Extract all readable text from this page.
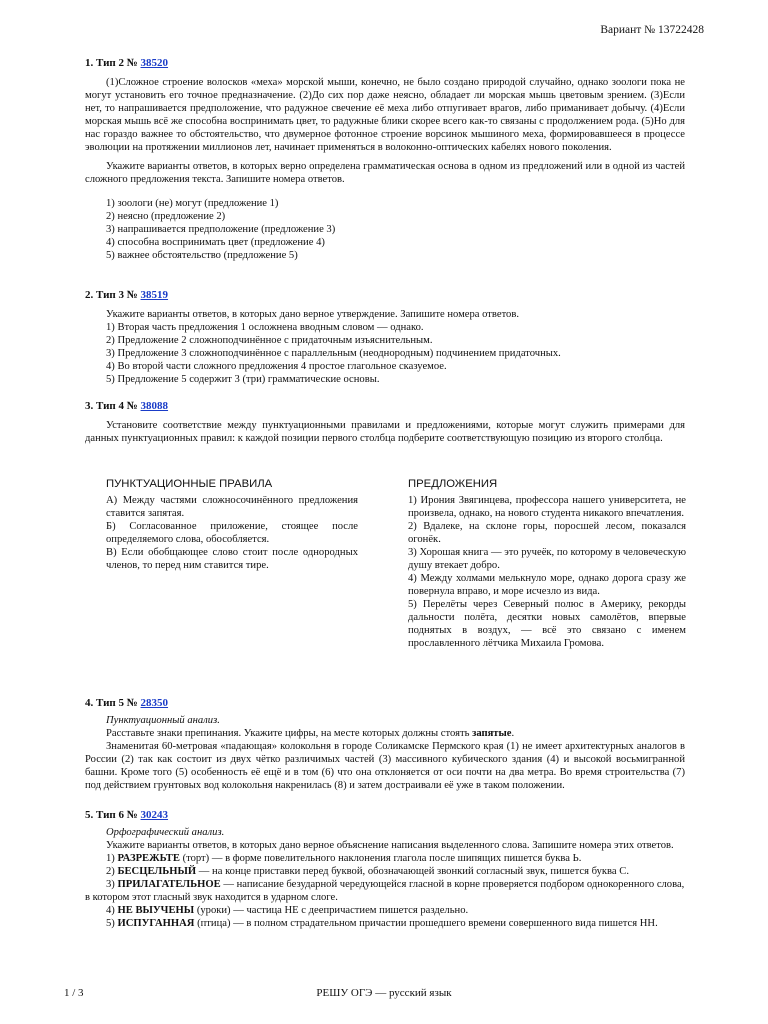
Вариант № 13722428
1. Тип 2 № 38520

(1)Сложное строение волосков «меха» морской мыши, конечно, не было создано природой случайно, однако зоологи пока не могут установить его точное предназначение. (2)До сих пор даже неясно, обладает ли морская мышь цветовым зрением. (3)Если нет, то напрашивается предположение, что радужное свечение её меха либо отпугивает врагов, либо приманивает добычу. (4)Если морская мышь всё же способна воспринимать цвет, то радужные блики скорее всего как-то связаны с продолжением рода. (5)Но для нас гораздо важнее то обстоятельство, что двумерное фотонное строение ворсинок мышиного меха, формировавшееся в процессе эволюции на протяжении миллионов лет, начинает применяться в волоконно-оптических кабелях нового поколения.

Укажите варианты ответов, в которых верно определена грамматическая основа в одном из предложений или в одной из частей сложного предложения текста. Запишите номера ответов.

1) зоологи (не) могут (предложение 1)
2) неясно (предложение 2)
3) напрашивается предположение (предложение 3)
4) способна воспринимать цвет (предложение 4)
5) важнее обстоятельство (предложение 5)
2. Тип 3 № 38519

Укажите варианты ответов, в которых дано верное утверждение. Запишите номера ответов.

1) Вторая часть предложения 1 осложнена вводным словом — однако.
2) Предложение 2 сложноподчинённое с придаточным изъяснительным.
3) Предложение 3 сложноподчинённое с параллельным (неоднородным) подчинением придаточных.
4) Во второй части сложного предложения 4 простое глагольное сказуемое.
5) Предложение 5 содержит 3 (три) грамматические основы.
3. Тип 4 № 38088

Установите соответствие между пунктуационными правилами и предложениями, которые могут служить примерами для данных пунктуационных правил: к каждой позиции первого столбца подберите соответствующую позицию из второго столбца.

ПУНКТУАЦИОННЫЕ ПРАВИЛА

А) Между частями сложносочинённого предложения ставится запятая.

Б) Согласованное приложение, стоящее после определяемого слова, обособляется.

В) Если обобщающее слово стоит после однородных членов, то перед ним ставится тире.

ПРЕДЛОЖЕНИЯ

1) Ирония Звягинцева, профессора нашего университета, не произвела, однако, на нового студента никакого впечатления.

2) Вдалеке, на склоне горы, поросшей лесом, показался огонёк.

3) Хорошая книга — это ручеёк, по которому в человеческую душу втекает добро.

4) Между холмами мелькнуло море, однако дорога сразу же повернула вправо, и море исчезло из вида.

5) Перелёты через Северный полюс в Америку, рекорды дальности полёта, десятки новых самолётов, впервые поднятых в воздух, — всё это связано с именем прославленного лётчика Михаила Громова.

4. Тип 5 № 28350
Пунктуационный анализ.

Расставьте знаки препинания. Укажите цифры, на месте которых должны стоять запятые.

Знаменитая 60-метровая «падающая» колокольня в городе Соликамске Пермского края (1) не имеет архитектурных аналогов в России (2) так как состоит из двух чётко различимых частей (3) массивного кубического здания (4) и высокой восьмигранной башни. Кроме того (5) особенность её ещё и в том (6) что она отклоняется от оси почти на два метра. Во время строительства (7) под действием грунтовых вод колокольня накренилась (8) и затем достраивали её уже в таком положении.

5. Тип 6 № 30243
Орфографический анализ.

Укажите варианты ответов, в которых дано верное объяснение написания выделенного слова. Запишите номера этих ответов.

1) РАЗРЕЖЬТЕ (торт) — в форме повелительного наклонения глагола после шипящих пишется буква Ь.
2) БЕСЦЕЛЬНЫЙ — на конце приставки перед буквой, обозначающей звонкий согласный звук, пишется буква С.
3) ПРИЛАГАТЕЛЬНОЕ — написание безударной чередующейся гласной в корне проверяется подбором однокоренного слова, в котором этот гласный звук находится в ударном слоге.
4) НЕ ВЫУЧЕНЫ (уроки) — частица НЕ с деепричастием пишется раздельно.
5) ИСПУГАННАЯ (птица) — в полном страдательном причастии прошедшего времени совершенного вида пишется НН.
1 / 3	РЕШУ ОГЭ — русский язык
